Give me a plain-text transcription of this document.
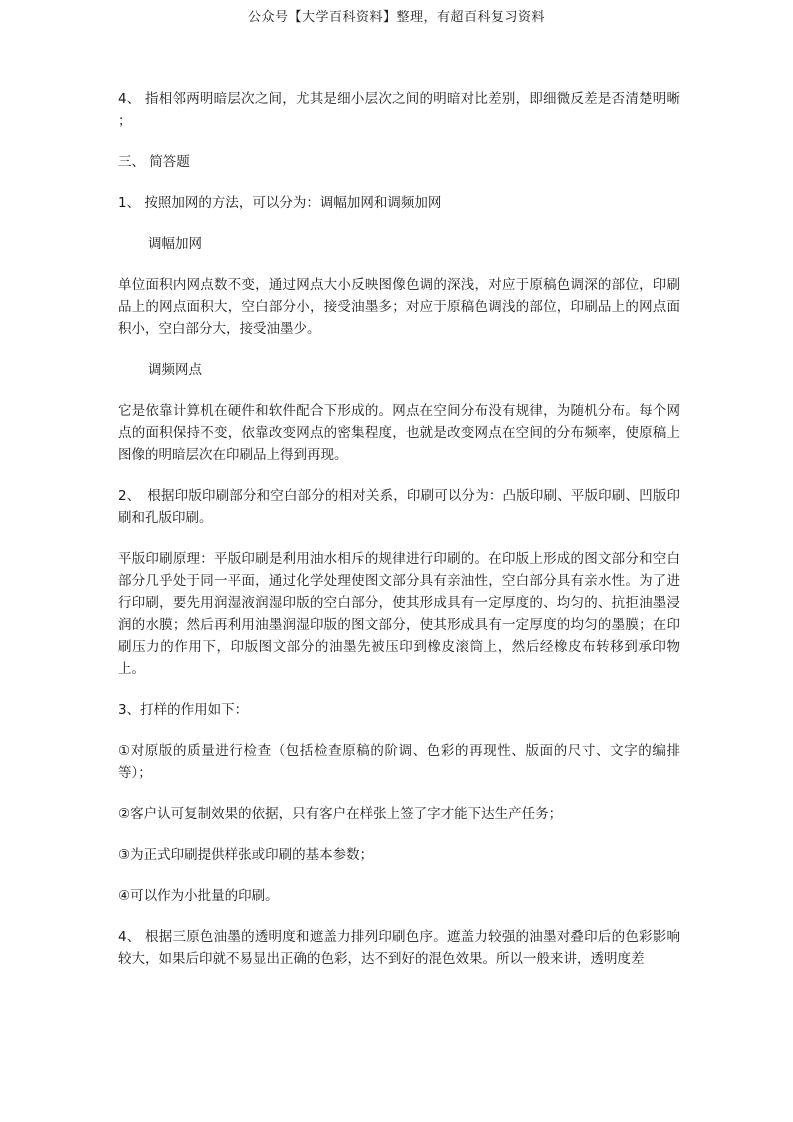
公众号【大学百科资料】整理，有超百科复习资料

4、 指相邻两明暗层次之间，尤其是细小层次之间的明暗对比差别，即细微反差是否清楚明晰 ；

三、 简答题

1、 按照加网的方法，可以分为：调幅加网和调频加网

调幅加网

单位面积内网点数不变，通过网点大小反映图像色调的深浅，对应于原稿色调深的部位，印刷品上的网点面积大，空白部分小，接受油墨多；对应于原稿色调浅的部位，印刷品上的网点面积小，空白部分大，接受油墨少。

调频网点

它是依靠计算机在硬件和软件配合下形成的。网点在空间分布没有规律，为随机分布。每个网点的面积保持不变，依靠改变网点的密集程度，也就是改变网点在空间的分布频率，使原稿上图像的明暗层次在印刷品上得到再现。

2、　根据印版印刷部分和空白部分的相对关系，印刷可以分为：凸版印刷、平版印刷、凹版印刷和孔版印刷。

平版印刷原理：平版印刷是利用油水相斥的规律进行印刷的。在印版上形成的图文部分和空白部分几乎处于同一平面，通过化学处理使图文部分具有亲油性，空白部分具有亲水性。为了进行印刷，要先用润湿液润湿印版的空白部分，使其形成具有一定厚度的、均匀的、抗拒油墨浸润的水膜；然后再利用油墨润湿印版的图文部分，使其形成具有一定厚度的均匀的墨膜；在印刷压力的作用下，印版图文部分的油墨先被压印到橡皮滚筒上，然后经橡皮布转移到承印物上。

3、打样的作用如下：

①对原版的质量进行检查（包括检查原稿的阶调、色彩的再现性、版面的尺寸、文字的编排等）；

②客户认可复制效果的依据，只有客户在样张上签了字才能下达生产任务；

③为正式印刷提供样张或印刷的基本参数；

④可以作为小批量的印刷。

4、 根据三原色油墨的透明度和遮盖力排列印刷色序。遮盖力较强的油墨对叠印后的色彩影响较大，如果后印就不易显出正确的色彩，达不到好的混色效果。所以一般来讲，透明度差
